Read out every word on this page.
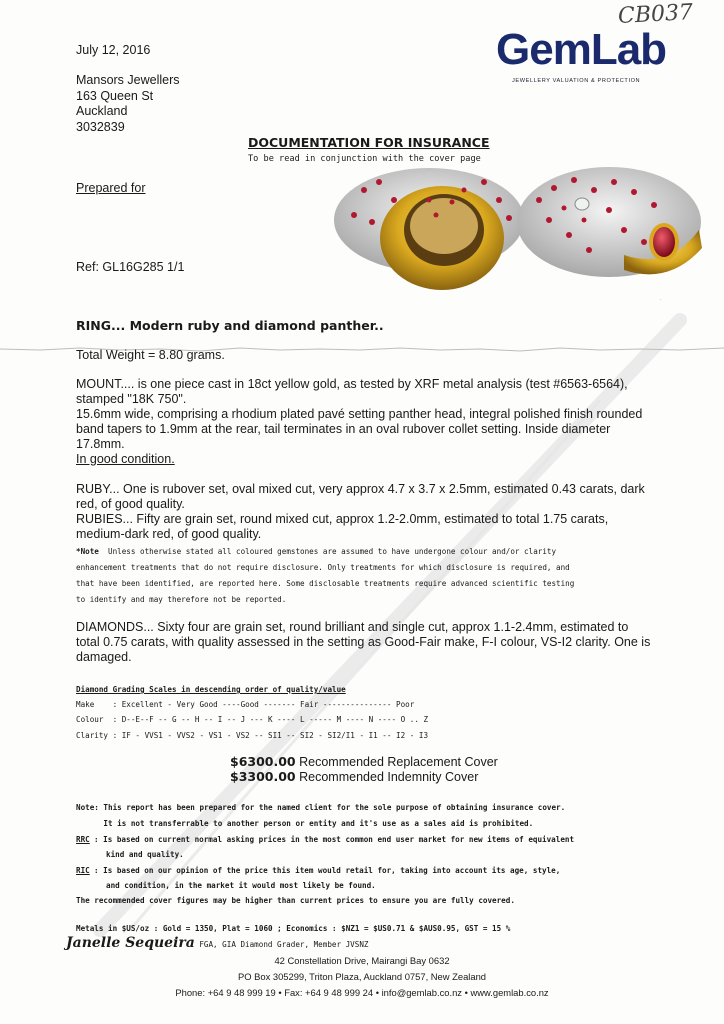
CB037
GemLab
JEWELLERY VALUATION & PROTECTION
July 12, 2016
Mansors Jewellers
163 Queen St
Auckland
3032839
DOCUMENTATION FOR INSURANCE
To be read in conjunction with the cover page
Prepared for
Ref: GL16G285 1/1
·
RING... Modern ruby and diamond panther..
Total Weight = 8.80 grams.
MOUNT.... is one piece cast in 18ct yellow gold, as tested by XRF metal analysis (test #6563-6564),
stamped "18K 750".
15.6mm wide, comprising a rhodium plated pavé setting panther head, integral polished finish rounded
band tapers to 1.9mm at the rear, tail terminates in an oval rubover collet setting. Inside diameter
17.8mm.
In good condition.
RUBY... One is rubover set, oval mixed cut, very approx 4.7 x 3.7 x 2.5mm, estimated 0.43 carats, dark
red, of good quality.
RUBIES... Fifty are grain set, round mixed cut, approx 1.2-2.0mm, estimated to total 1.75 carats,
medium-dark red, of good quality.
*Note Unless otherwise stated all coloured gemstones are assumed to have undergone colour and/or clarity
enhancement treatments that do not require disclosure. Only treatments for which disclosure is required, and
that have been identified, are reported here. Some disclosable treatments require advanced scientific testing
to identify and may therefore not be reported.
DIAMONDS... Sixty four are grain set, round brilliant and single cut, approx 1.1-2.4mm, estimated to
total 0.75 carats, with quality assessed in the setting as Good-Fair make, F-I colour, VS-I2 clarity. One is
damaged.
Diamond Grading Scales in descending order of quality/value
Make    : Excellent - Very Good ----Good ------- Fair --------------- Poor
Colour  : D--E--F -- G -- H -- I -- J --- K ---- L ----- M ---- N ---- O .. Z
Clarity : IF - VVS1 - VVS2 - VS1 - VS2 -- SI1 -- SI2 - SI2/I1 - I1 -- I2 - I3
$6300.00 Recommended Replacement Cover
$3300.00 Recommended Indemnity Cover
Note: This report has been prepared for the named client for the sole purpose of obtaining insurance cover.
It is not transferrable to another person or entity and it's use as a sales aid is prohibited.
RRC : Is based on current normal asking prices in the most common end user market for new items of equivalent
kind and quality.
RIC : Is based on our opinion of the price this item would retail for, taking into account its age, style,
and condition, in the market it would most likely be found.
The recommended cover figures may be higher than current prices to ensure you are fully covered.
Metals in $US/oz : Gold = 1350, Plat = 1060 ; Economics : $NZ1 = $US0.71 & $AUS0.95, GST = 15 %
Janelle Sequeira FGA, GIA Diamond Grader, Member JVSNZ
42 Constellation Drive, Mairangi Bay 0632
PO Box 305299, Triton Plaza, Auckland 0757, New Zealand
Phone: +64 9 48 999 19 • Fax: +64 9 48 999 24 • info@gemlab.co.nz • www.gemlab.co.nz
